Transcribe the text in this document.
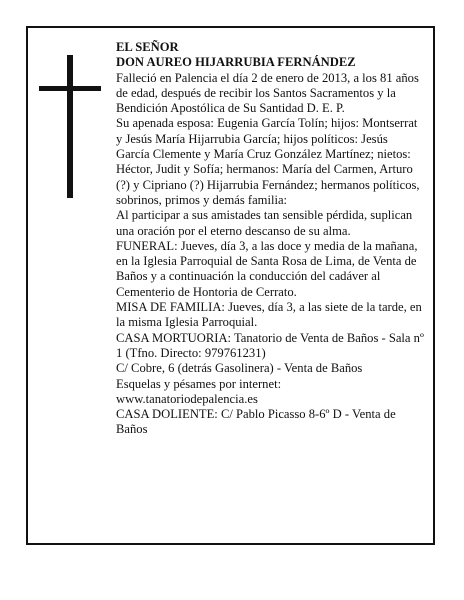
EL SEÑOR

DON AUREO HIJARRUBIA FERNÁNDEZ

Falleció en Palencia el día 2 de enero de 2013, a los 81 años de edad, después de recibir los Santos Sacramentos y la Bendición Apostólica de Su Santidad D. E. P.

Su apenada esposa: Eugenia García Tolín; hijos: Montserrat y Jesús María Hijarrubia García; hijos políticos: Jesús García Clemente y María Cruz González Martínez; nietos: Héctor, Judit y Sofía; hermanos: María del Carmen, Arturo (?) y Cipriano (?) Hijarrubia Fernández; hermanos políticos, sobrinos, primos y demás familia:

Al participar a sus amistades tan sensible pérdida, suplican una oración por el eterno descanso de su alma.

FUNERAL: Jueves, día 3, a las doce y media de la mañana, en la Iglesia Parroquial de Santa Rosa de Lima, de Venta de Baños y a continuación la conducción del cadáver al Cementerio de Hontoria de Cerrato.

MISA DE FAMILIA: Jueves, día 3, a las siete de la tarde, en la misma Iglesia Parroquial.

CASA MORTUORIA: Tanatorio de Venta de Baños - Sala nº 1 (Tfno. Directo: 979761231)

C/ Cobre, 6 (detrás Gasolinera) - Venta de Baños

Esquelas y pésames por internet: www.tanatoriodepalencia.es

CASA DOLIENTE: C/ Pablo Picasso 8-6º D - Venta de Baños
